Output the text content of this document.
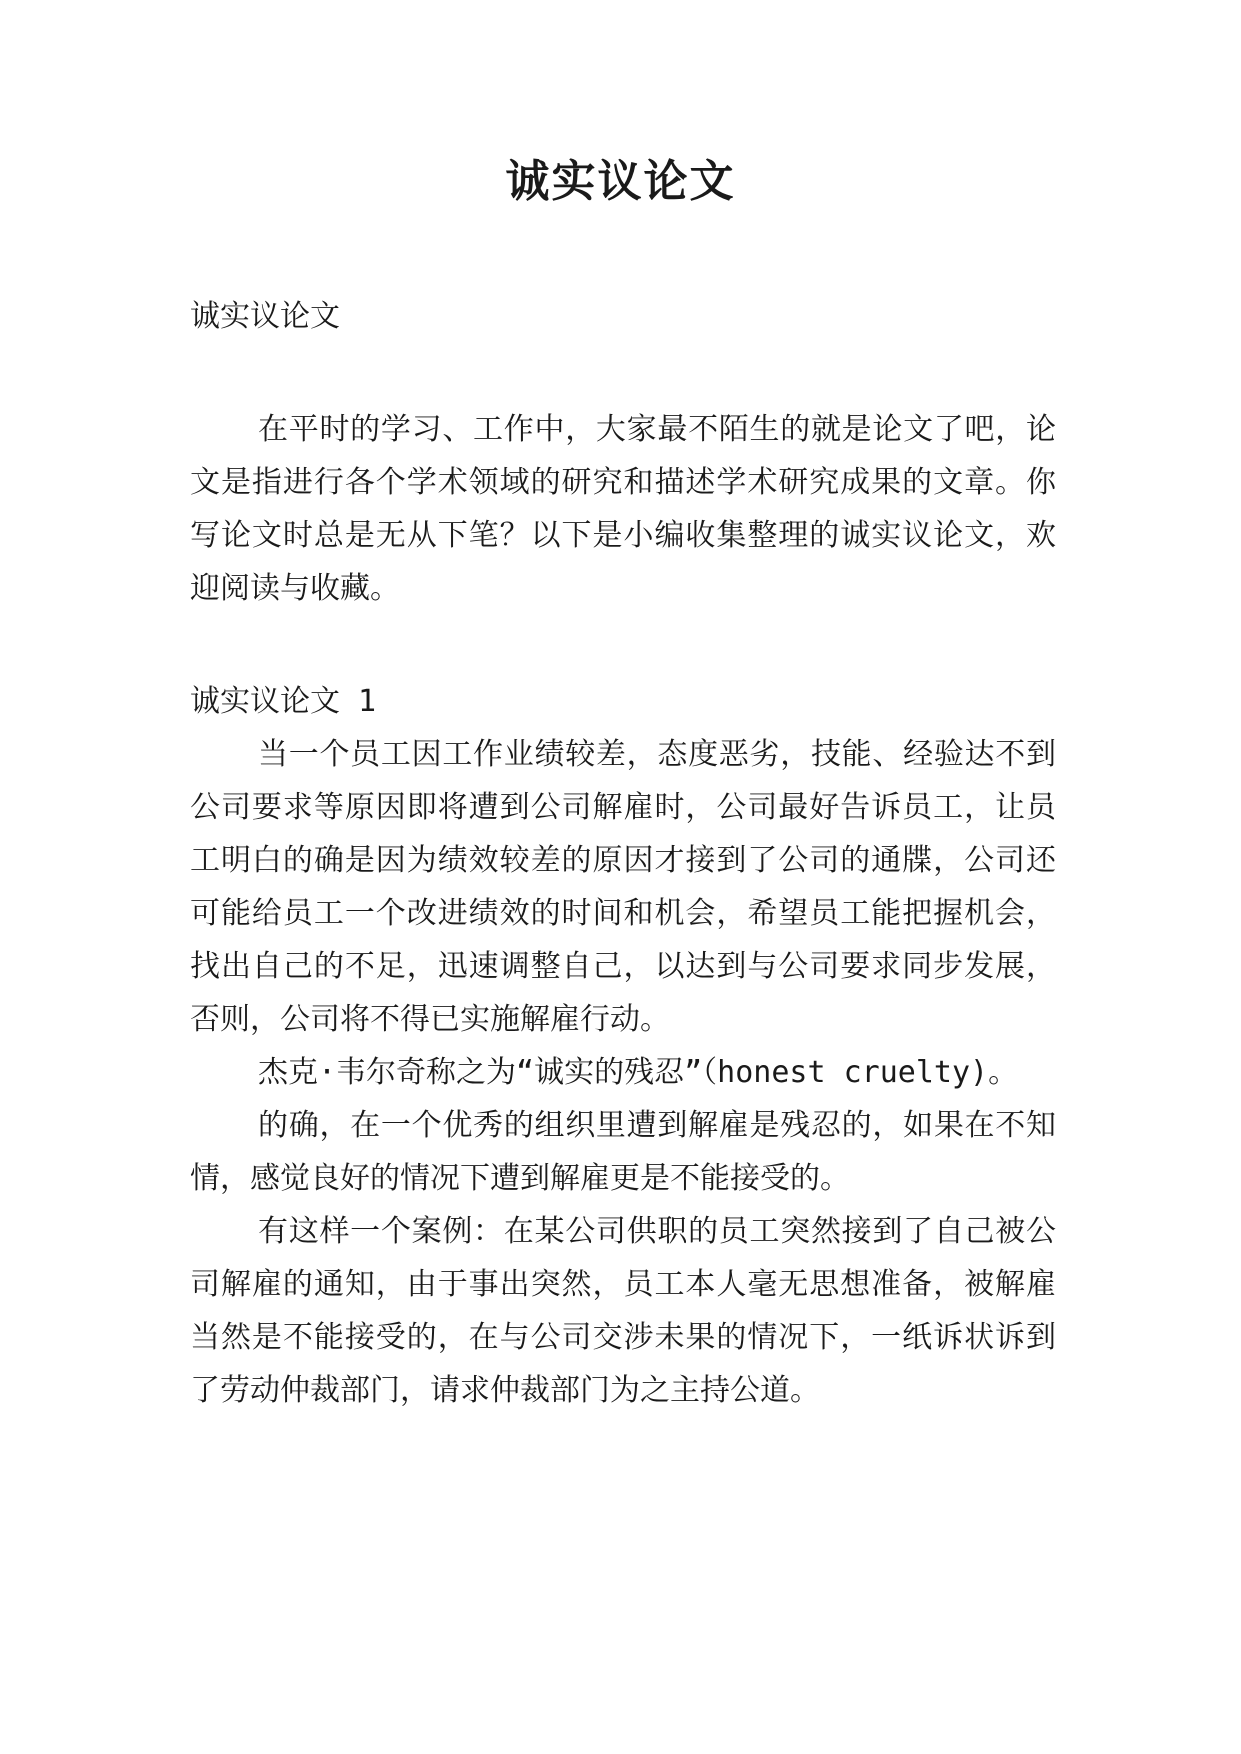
诚实议论文

诚实议论文

在平时的学习、工作中，大家最不陌生的就是论文了吧，论文是指进行各个学术领域的研究和描述学术研究成果的文章。你写论文时总是无从下笔？以下是小编收集整理的诚实议论文，欢迎阅读与收藏。

诚实议论文 1

当一个员工因工作业绩较差，态度恶劣，技能、经验达不到公司要求等原因即将遭到公司解雇时，公司最好告诉员工，让员工明白的确是因为绩效较差的原因才接到了公司的通牒，公司还可能给员工一个改进绩效的时间和机会，希望员工能把握机会，找出自己的不足，迅速调整自己，以达到与公司要求同步发展，否则，公司将不得已实施解雇行动。

杰克·韦尔奇称之为“诚实的残忍”（honest cruelty)。

的确，在一个优秀的组织里遭到解雇是残忍的，如果在不知情，感觉良好的情况下遭到解雇更是不能接受的。

有这样一个案例：在某公司供职的员工突然接到了自己被公司解雇的通知，由于事出突然，员工本人毫无思想准备，被解雇当然是不能接受的，在与公司交涉未果的情况下，一纸诉状诉到了劳动仲裁部门，请求仲裁部门为之主持公道。
